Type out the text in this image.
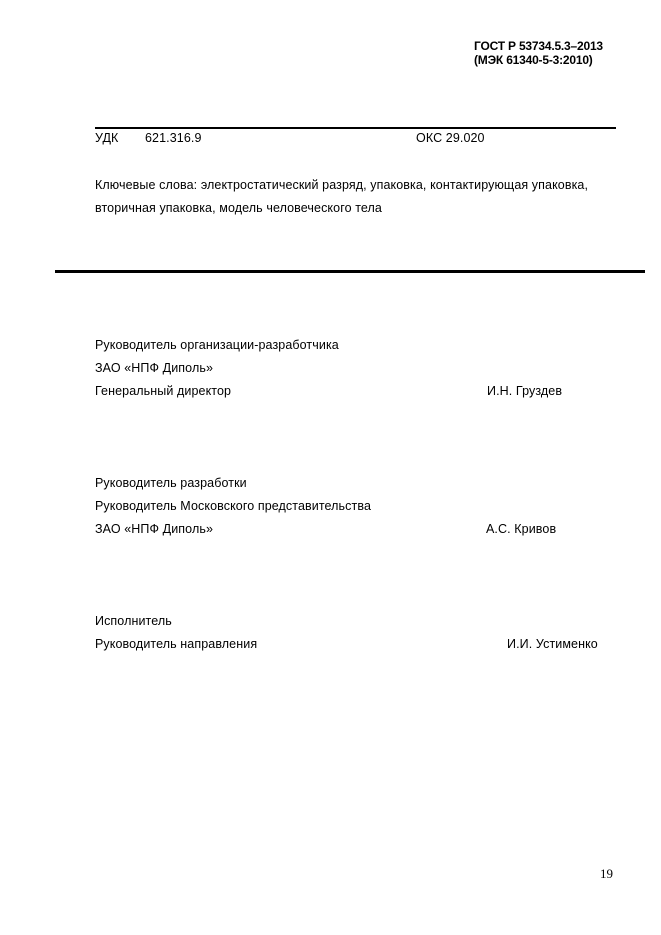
ГОСТ Р 53734.5.3–2013
(МЭК 61340-5-3:2010)
УДК 621.316.9	ОКС 29.020
Ключевые слова: электростатический разряд, упаковка, контактирующая упаковка,
вторичная упаковка, модель человеческого тела
Руководитель организации-разработчика
ЗАО «НПФ Диполь»
Генеральный директор	И.Н. Груздев
Руководитель разработки
Руководитель Московского представительства
ЗАО «НПФ Диполь»	А.С. Кривов
Исполнитель
Руководитель направления	И.И. Устименко
19
